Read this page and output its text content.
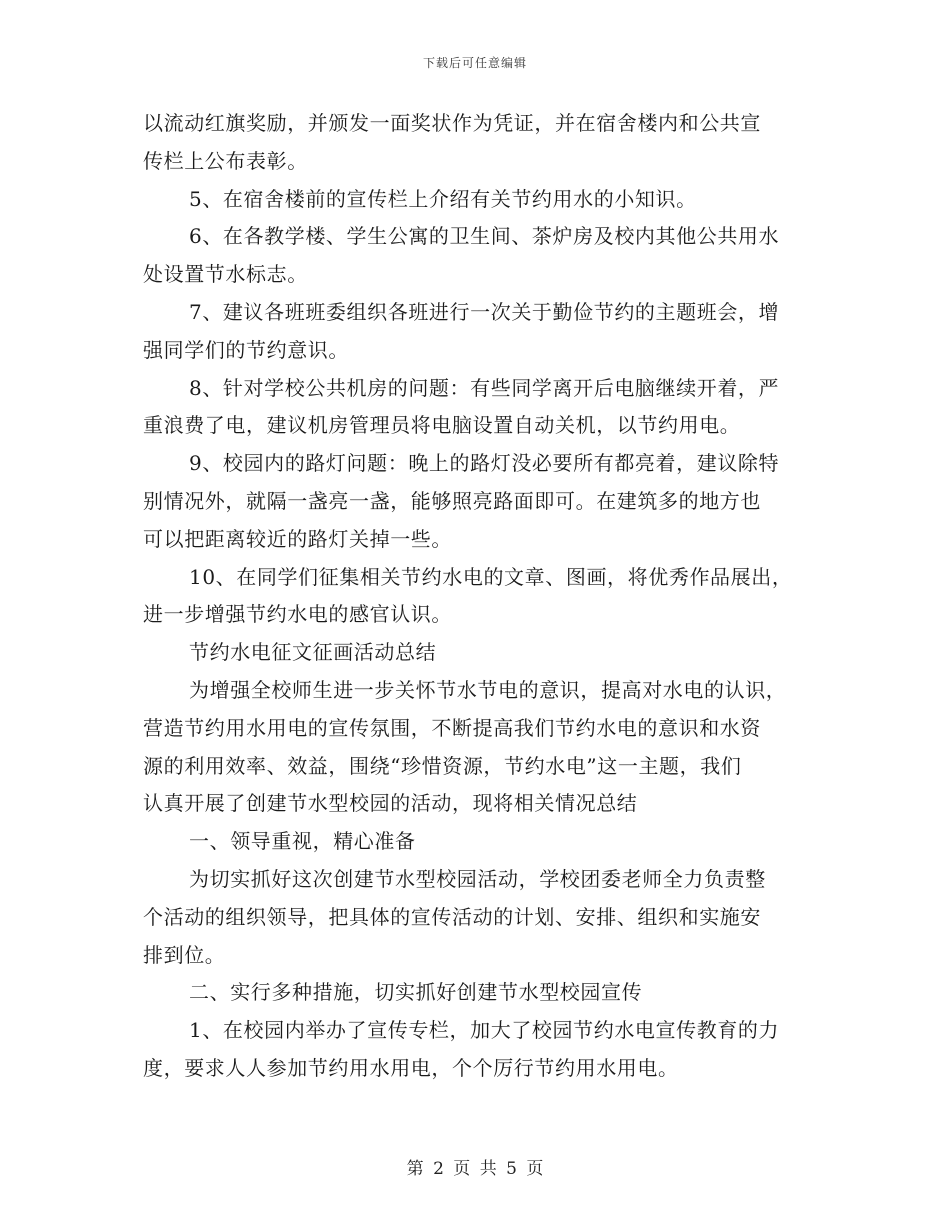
下载后可任意编辑
以流动红旗奖励，并颁发一面奖状作为凭证，并在宿舍楼内和公共宣
传栏上公布表彰。
5、在宿舍楼前的宣传栏上介绍有关节约用水的小知识。
6、在各教学楼、学生公寓的卫生间、茶炉房及校内其他公共用水
处设置节水标志。
7、建议各班班委组织各班进行一次关于勤俭节约的主题班会，增
强同学们的节约意识。
8、针对学校公共机房的问题：有些同学离开后电脑继续开着，严
重浪费了电，建议机房管理员将电脑设置自动关机，以节约用电。
9、校园内的路灯问题：晚上的路灯没必要所有都亮着，建议除特
别情况外，就隔一盏亮一盏，能够照亮路面即可。在建筑多的地方也
可以把距离较近的路灯关掉一些。
10、在同学们征集相关节约水电的文章、图画，将优秀作品展出，
进一步增强节约水电的感官认识。
节约水电征文征画活动总结
为增强全校师生进一步关怀节水节电的意识，提高对水电的认识，
营造节约用水用电的宣传氛围，不断提高我们节约水电的意识和水资
源的利用效率、效益，围绕“珍惜资源，节约水电”这一主题，我们
认真开展了创建节水型校园的活动，现将相关情况总结
一、领导重视，精心准备
为切实抓好这次创建节水型校园活动，学校团委老师全力负责整
个活动的组织领导，把具体的宣传活动的计划、安排、组织和实施安
排到位。
二、实行多种措施，切实抓好创建节水型校园宣传
1、在校园内举办了宣传专栏，加大了校园节约水电宣传教育的力
度，要求人人参加节约用水用电，个个厉行节约用水用电。
第 2 页 共 5 页
